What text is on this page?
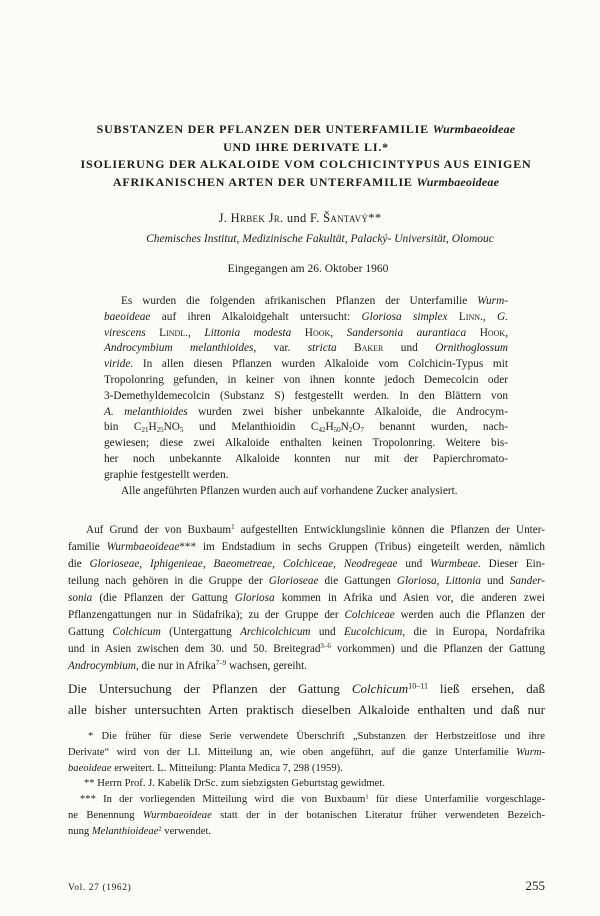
SUBSTANZEN DER PFLANZEN DER UNTERFAMILIE Wurmbaeoideae
UND IHRE DERIVATE LI.*
ISOLIERUNG DER ALKALOIDE VOM COLCHICINTYPUS AUS EINIGEN
AFRIKANISCHEN ARTEN DER UNTERFAMILIE Wurmbaeoideae
J. Hrbek Jr. und F. Šantavý**
Chemisches Institut, Medizinische Fakultät, Palacký- Universität, Olomouc
Eingegangen am 26. Oktober 1960
Es wurden die folgenden afrikanischen Pflanzen der Unterfamilie Wurm-
baeoideae auf ihren Alkaloidgehalt untersucht: Gloriosa simplex Linn., G.
virescens Lindl., Littonia modesta Hook, Sandersonia aurantiaca Hook,
Androcymbium melanthioides, var. stricta Baker und Ornithoglossum
viride. In allen diesen Pflanzen wurden Alkaloide vom Colchicin-Typus mit
Tropolonring gefunden, in keiner von ihnen konnte jedoch Demecolcin oder
3-Demethyldemecolcin (Substanz S) festgestellt werden. In den Blättern von
A. melanthioides wurden zwei bisher unbekannte Alkaloide, die Androcym-
bin $C_{21}H_{25}NO_5$ und Melanthioidin $C_{42}H_{50}N_2O_7$ benannt wurden, nach-
gewiesen; diese zwei Alkaloide enthalten keinen Tropolonring. Weitere bis-
her noch unbekannte Alkaloide konnten nur mit der Papierchromato-
graphie festgestellt werden.
Alle angeführten Pflanzen wurden auch auf vorhandene Zucker analysiert.
Auf Grund der von Buxbaum$^1$ aufgestellten Entwicklungslinie können die Pflanzen der Unter-
familie Wurmbaeoideae*** im Endstadium in sechs Gruppen (Tribus) eingeteilt werden, nämlich
die Glorioseae, Iphigenieae, Baeometreae, Colchiceae, Neodregeae und Wurmbeae. Dieser Ein-
teilung nach gehören in die Gruppe der Glorioseae die Gattungen Gloriosa, Littonia und Sander-
sonia (die Pflanzen der Gattung Gloriosa kommen in Afrika und Asien vor, die anderen zwei
Pflanzengattungen nur in Südafrika); zu der Gruppe der Colchiceae werden auch die Pflanzen der
Gattung Colchicum (Untergattung Archicolchicum und Eucolchicum, die in Europa, Nordafrika
und in Asien zwischen dem 30. und 50. Breitegrad$^{3-6}$ vorkommen) und die Pflanzen der Gattung
Androcymbium, die nur in Afrika$^{7-9}$ wachsen, gereiht.
Die Untersuchung der Pflanzen der Gattung Colchicum$^{10-11}$ ließ ersehen, daß
alle bisher untersuchten Arten praktisch dieselben Alkaloide enthalten und daß nur
* Die früher für diese Serie verwendete Überschrift „Substanzen der Herbstzeitlose und ihre
Derivate“ wird von der LI. Mitteilung an, wie oben angeführt, auf die ganze Unterfamilie Wurm-
baeoideae erweitert. L. Mitteilung: Planta Medica 7, 298 (1959).
** Herrn Prof. J. Kabelík DrSc. zum siebzigsten Geburtstag gewidmet.
*** In der vorliegenden Mitteilung wird die von Buxbaum$^1$ für diese Unterfamilie vorgeschlage-
ne Benennung Wurmbaeoideae statt der in der botanischen Literatur früher verwendeten Bezeich-
nung Melanthioideae$^2$ verwendet.
Vol. 27 (1962)	255
